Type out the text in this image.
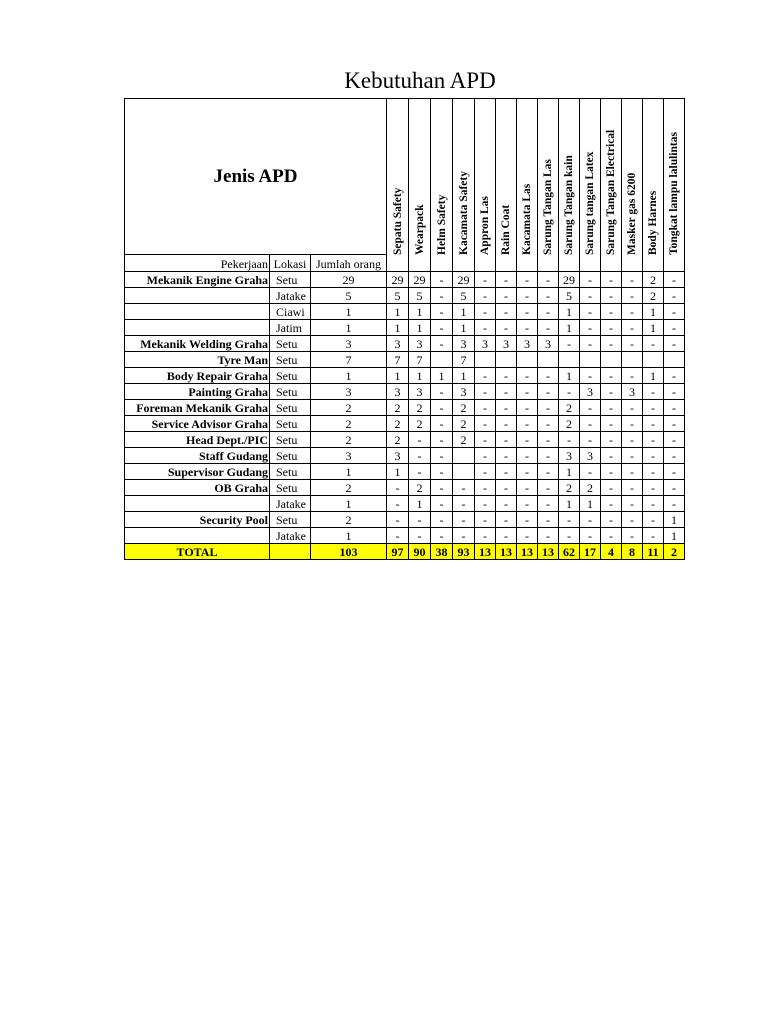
Kebutuhan APD
Jenis APD			Sepatu Safety	Wearpack	Helm Safety	Kacamata Safety	Appron Las	Rain Coat	Kacamata Las	Sarung Tangan Las	Sarung Tangan kain	Sarung tangan Latex	Sarung Tangan Electrical	Masker gas 6200	Body Harnes	Tongkat lampu lalulintas

Pekerjaan	Lokasi	Jumlah orang														
Mekanik Engine Graha	Setu	29	29	29	-	29	-	-	-	-	29	-	-	-	2	-
	Jatake	5	5	5	-	5	-	-	-	-	5	-	-	-	2	-
	Ciawi	1	1	1	-	1	-	-	-	-	1	-	-	-	1	-
	Jatim	1	1	1	-	1	-	-	-	-	1	-	-	-	1	-
Mekanik Welding Graha	Setu	3	3	3	-	3	3	3	3	3	-	-	-	-	-	-
Tyre Man	Setu	7	7	7		7										
Body Repair Graha	Setu	1	1	1	1	1	-	-	-	-	1	-	-	-	1	-
Painting Graha	Setu	3	3	3	-	3	-	-	-	-	-	3	-	3	-	-
Foreman Mekanik Graha	Setu	2	2	2	-	2	-	-	-	-	2	-	-	-	-	-
Service Advisor Graha	Setu	2	2	2	-	2	-	-	-	-	2	-	-	-	-	-
Head Dept./PIC	Setu	2	2	-	-	2	-	-	-	-	-	-	-	-	-	-
Staff Gudang	Setu	3	3	-	-		-	-	-	-	3	3	-	-	-	-
Supervisor Gudang	Setu	1	1	-	-		-	-	-	-	1	-	-	-	-	-
OB Graha	Setu	2	-	2	-	-	-	-	-	-	2	2	-	-	-	-
	Jatake	1	-	1	-	-	-	-	-	-	1	1	-	-	-	-
Security Pool	Setu	2	-	-	-	-	-	-	-	-	-	-	-	-	-	1
	Jatake	1	-	-	-	-	-	-	-	-	-	-	-	-	-	1
TOTAL		103	97	90	38	93	13	13	13	13	62	17	4	8	11	2
